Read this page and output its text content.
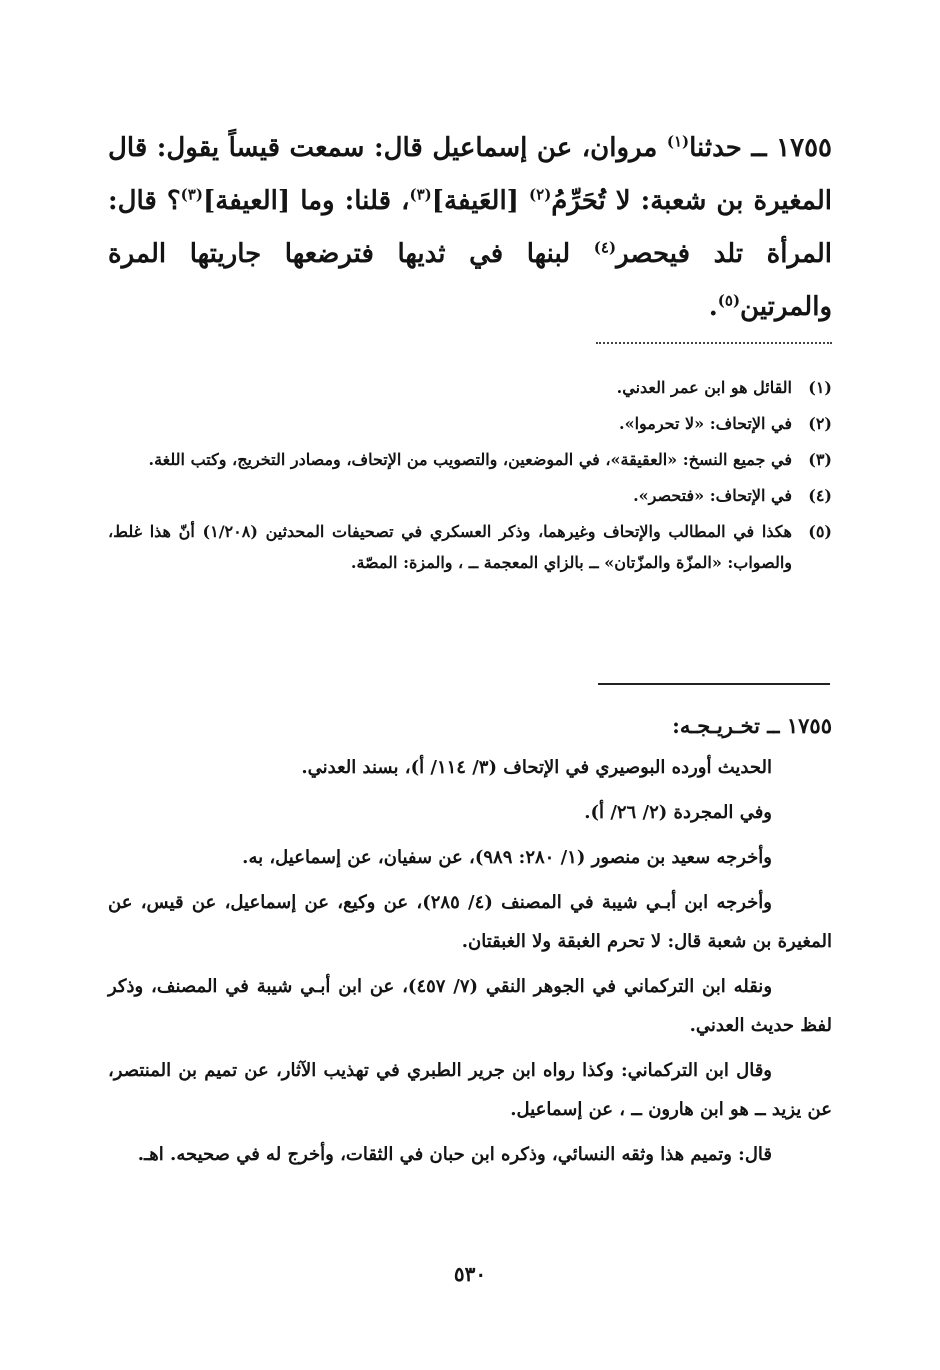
١٧٥٥ ــ حدثنا$^{(١)}$ مروان، عن إسماعيل قال: سمعت قيساً يقول: قال المغيرة بن شعبة: لا تُحَرِّمُ$^{(٢)}$ [العَيفة]$^{(٣)}$، قلنا: وما [العيفة]$^{(٣)}$؟ قال: المرأة تلد فيحصر$^{(٤)}$ لبنها في ثديها فترضعها جاريتها المرة والمرتين$^{(٥)}$.
(١)
القائل هو ابن عمر العدني.
(٢)
في الإتحاف: «لا تحرموا».
(٣)
في جميع النسخ: «العقيقة»، في الموضعين، والتصويب من الإتحاف، ومصادر التخريج، وكتب اللغة.
(٤)
في الإتحاف: «فتحصر».
(٥)
هكذا في المطالب والإتحاف وغيرهما، وذكر العسكري في تصحيفات المحدثين (١/٢٠٨) أنّ هذا غلط، والصواب: «المزّة والمزّتان» ــ بالزاي المعجمة ــ ، والمزة: المصّة.
١٧٥٥ ــ تخـريـجـه:
الحديث أورده البوصيري في الإتحاف (٣/ ١١٤/ أ)، بسند العدني.
وفي المجردة (٢/ ٢٦/ أ).
وأخرجه سعيد بن منصور (١/ ٢٨٠: ٩٨٩)، عن سفيان، عن إسماعيل، به.
وأخرجه ابن أبـي شيبة في المصنف (٤/ ٢٨٥)، عن وكيع، عن إسماعيل، عن قيس، عن المغيرة بن شعبة قال: لا تحرم الغبقة ولا الغبقتان.
ونقله ابن التركماني في الجوهر النقي (٧/ ٤٥٧)، عن ابن أبـي شيبة في المصنف، وذكر لفظ حديث العدني.
وقال ابن التركماني: وكذا رواه ابن جرير الطبري في تهذيب الآثار، عن تميم بن المنتصر، عن يزيد ــ هو ابن هارون ــ ، عن إسماعيل.
قال: وتميم هذا وثقه النسائي، وذكره ابن حبان في الثقات، وأخرج له في صحيحه. اهـ.
٥٣٠
